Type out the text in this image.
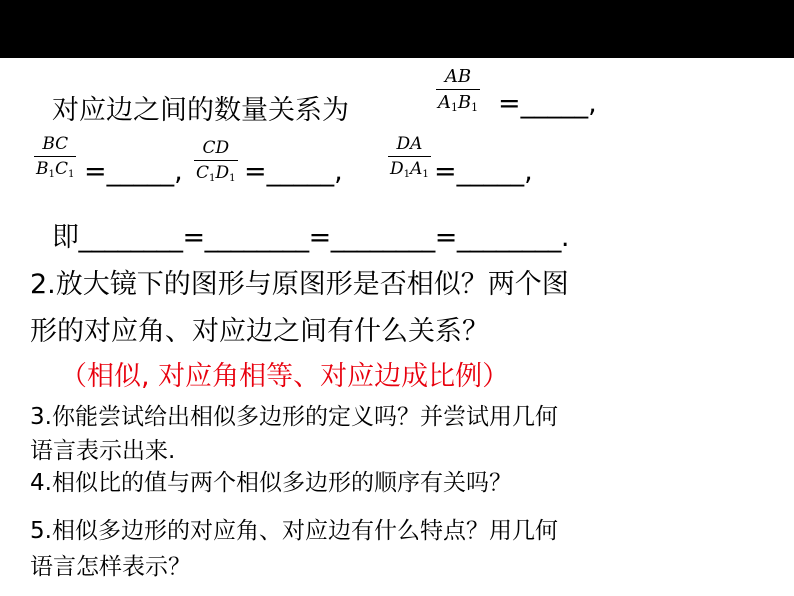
对应边之间的数量关系为
AB
$A_1B_1$ =_____,
BC
$B_1C_1$ =_____,
CD
$C_1D_1$ =_____,
DA
$D_1A_1$ =_____,
即________=________=________=________.
2.放大镜下的图形与原图形是否相似？两个图
形的对应角、对应边之间有什么关系？
（相似, 对应角相等、对应边成比例）
3.你能尝试给出相似多边形的定义吗？并尝试用几何
语言表示出来.
4.相似比的值与两个相似多边形的顺序有关吗？
5.相似多边形的对应角、对应边有什么特点？用几何
语言怎样表示？
